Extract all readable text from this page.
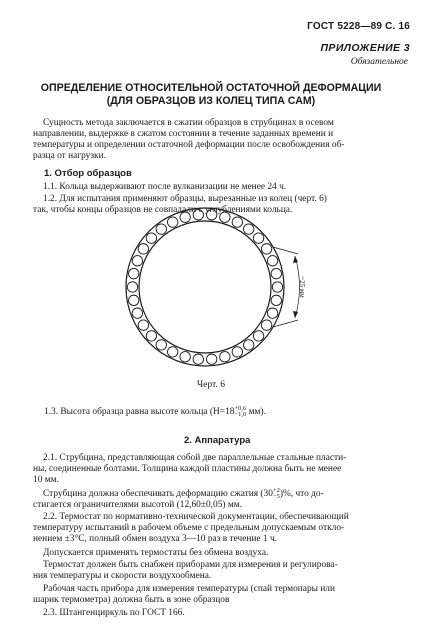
ГОСТ 5228—89 С. 16
ПРИЛОЖЕНИЕ 3
Обязательное
ОПРЕДЕЛЕНИЕ ОТНОСИТЕЛЬНОЙ ОСТАТОЧНОЙ ДЕФОРМАЦИИ
(ДЛЯ ОБРАЗЦОВ ИЗ КОЛЕЦ ТИПА САМ)
Сущность метода заключается в сжатии образцов в струбцинах в осевом
направлении, выдержке в сжатом состоянии в течение заданных времени и
температуры и определении остаточной деформации после освобождения об-
разца от нагрузки.
1. Отбор образцов
1.1. Кольца выдерживают после вулканизации не менее 24 ч.
1.2. Для испытания применяют образцы, вырезанные из колец (черт. 6)
так, чтобы концы образцов не совпадали с углублениями кольца.
~25 мм
Черт. 6
1.3. Высота образца равна высоте кольца (H=18 +0,6
−1,0 мм).
2. Аппаратура
2.1. Струбцина, представляющая собой две параллельные стальные пласти-
ны, соединенные болтами. Толщина каждой пластины должна быть не менее
10 мм.
Струбцина должна обеспечивать деформацию сжатия (30 +2
−5 )%, что до-
стигается ограничителями высотой (12,60±0,05) мм.
2.2. Термостат по нормативно-технической документации, обеспечивающий
температуру испытаний в рабочем объеме с предельным допускаемым откло-
нением ±3°С, полный обмен воздуха 3—10 раз в течение 1 ч.
Допускается применять термостаты без обмена воздуха.
Термостат должен быть снабжен приборами для измерения и регулирова-
ния температуры и скорости воздухообмена.
Рабочая часть прибора для измерения температуры (спай термопары или
шарик термометра) должна быть в зоне образцов
2.3. Штангенциркуль по ГОСТ 166.
